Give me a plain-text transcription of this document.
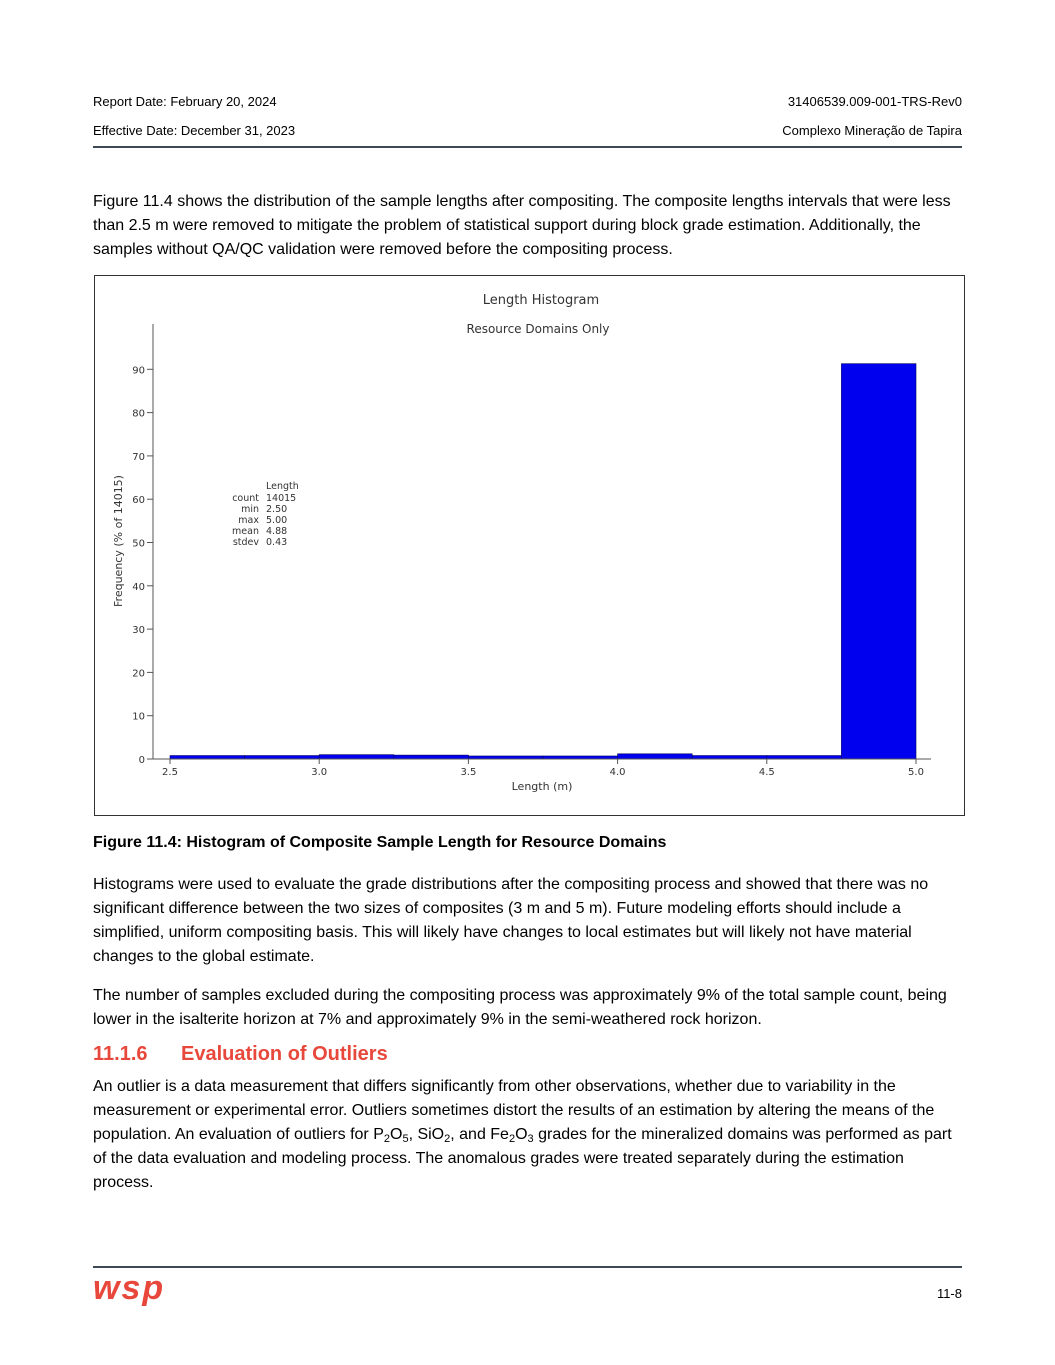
Report Date: February 20, 2024
Effective Date: December 31, 2023
31406539.009-001-TRS-Rev0
Complexo Mineração de Tapira

Figure 11.4 shows the distribution of the sample lengths after compositing. The composite lengths intervals that were less than 2.5 m were removed to mitigate the problem of statistical support during block grade estimation. Additionally, the samples without QA/QC validation were removed before the compositing process.

Length Histogram
Resource Domains Only
Frequency (% of 14015)
Length (m)
Length
count 14015
min 2.50
max 5.00
mean 4.88
stdev 0.43
0
10
20
30
40
50
60
70
80
90
2.5	3.0	3.5	4.0	4.5	5.0

Figure 11.4: Histogram of Composite Sample Length for Resource Domains

Histograms were used to evaluate the grade distributions after the compositing process and showed that there was no significant difference between the two sizes of composites (3 m and 5 m). Future modeling efforts should include a simplified, uniform compositing basis. This will likely have changes to local estimates but will likely not have material changes to the global estimate.

The number of samples excluded during the compositing process was approximately 9% of the total sample count, being lower in the isalterite horizon at 7% and approximately 9% in the semi-weathered rock horizon.

11.1.6 Evaluation of Outliers

An outlier is a data measurement that differs significantly from other observations, whether due to variability in the measurement or experimental error. Outliers sometimes distort the results of an estimation by altering the means of the population. An evaluation of outliers for $P_2O_5$, SiO$_2$, and $Fe_2O_3$ grades for the mineralized domains was performed as part of the data evaluation and modeling process. The anomalous grades were treated separately during the estimation process.

wsp	11-8
